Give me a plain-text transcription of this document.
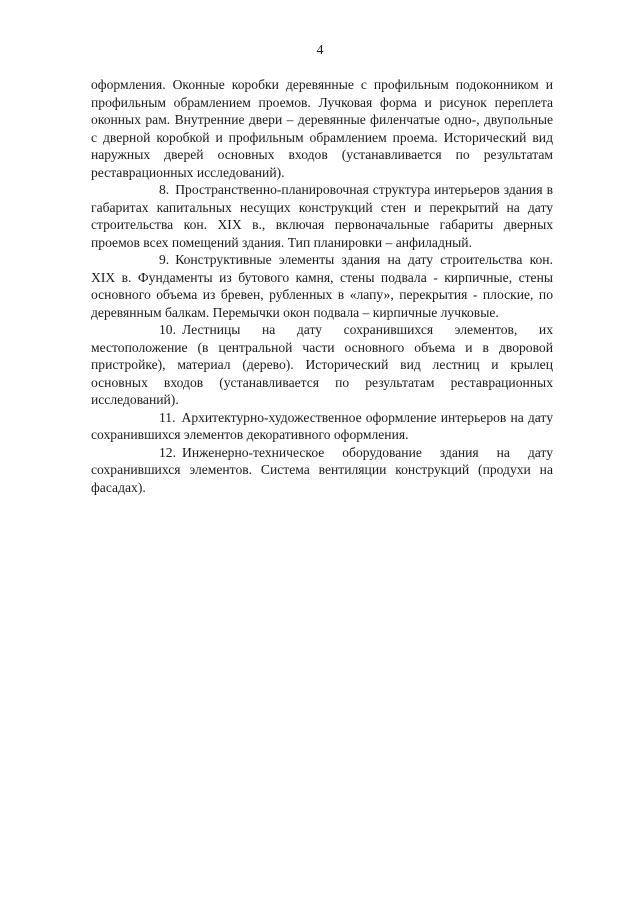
4

оформления. Оконные коробки деревянные с профильным подоконником и профильным обрамлением проемов. Лучковая форма и рисунок переплета оконных рам. Внутренние двери – деревянные филенчатые одно-, двупольные с дверной коробкой и профильным обрамлением проема. Исторический вид наружных дверей основных входов (устанавливается по результатам реставрационных исследований).

8. Пространственно-планировочная структура интерьеров здания в габаритах капитальных несущих конструкций стен и перекрытий на дату строительства кон. XIX в., включая первоначальные габариты дверных проемов всех помещений здания. Тип планировки – анфиладный.

9. Конструктивные элементы здания на дату строительства кон. XIX в. Фундаменты из бутового камня, стены подвала - кирпичные, стены основного объема из бревен, рубленных в «лапу», перекрытия - плоские, по деревянным балкам. Перемычки окон подвала – кирпичные лучковые.

10. Лестницы на дату сохранившихся элементов, их местоположение (в центральной части основного объема и в дворовой пристройке), материал (дерево). Исторический вид лестниц и крылец основных входов (устанавливается по результатам реставрационных исследований).

11. Архитектурно-художественное оформление интерьеров на дату сохранившихся элементов декоративного оформления.

12. Инженерно-техническое оборудование здания на дату сохранившихся элементов. Система вентиляции конструкций (продухи на фасадах).
